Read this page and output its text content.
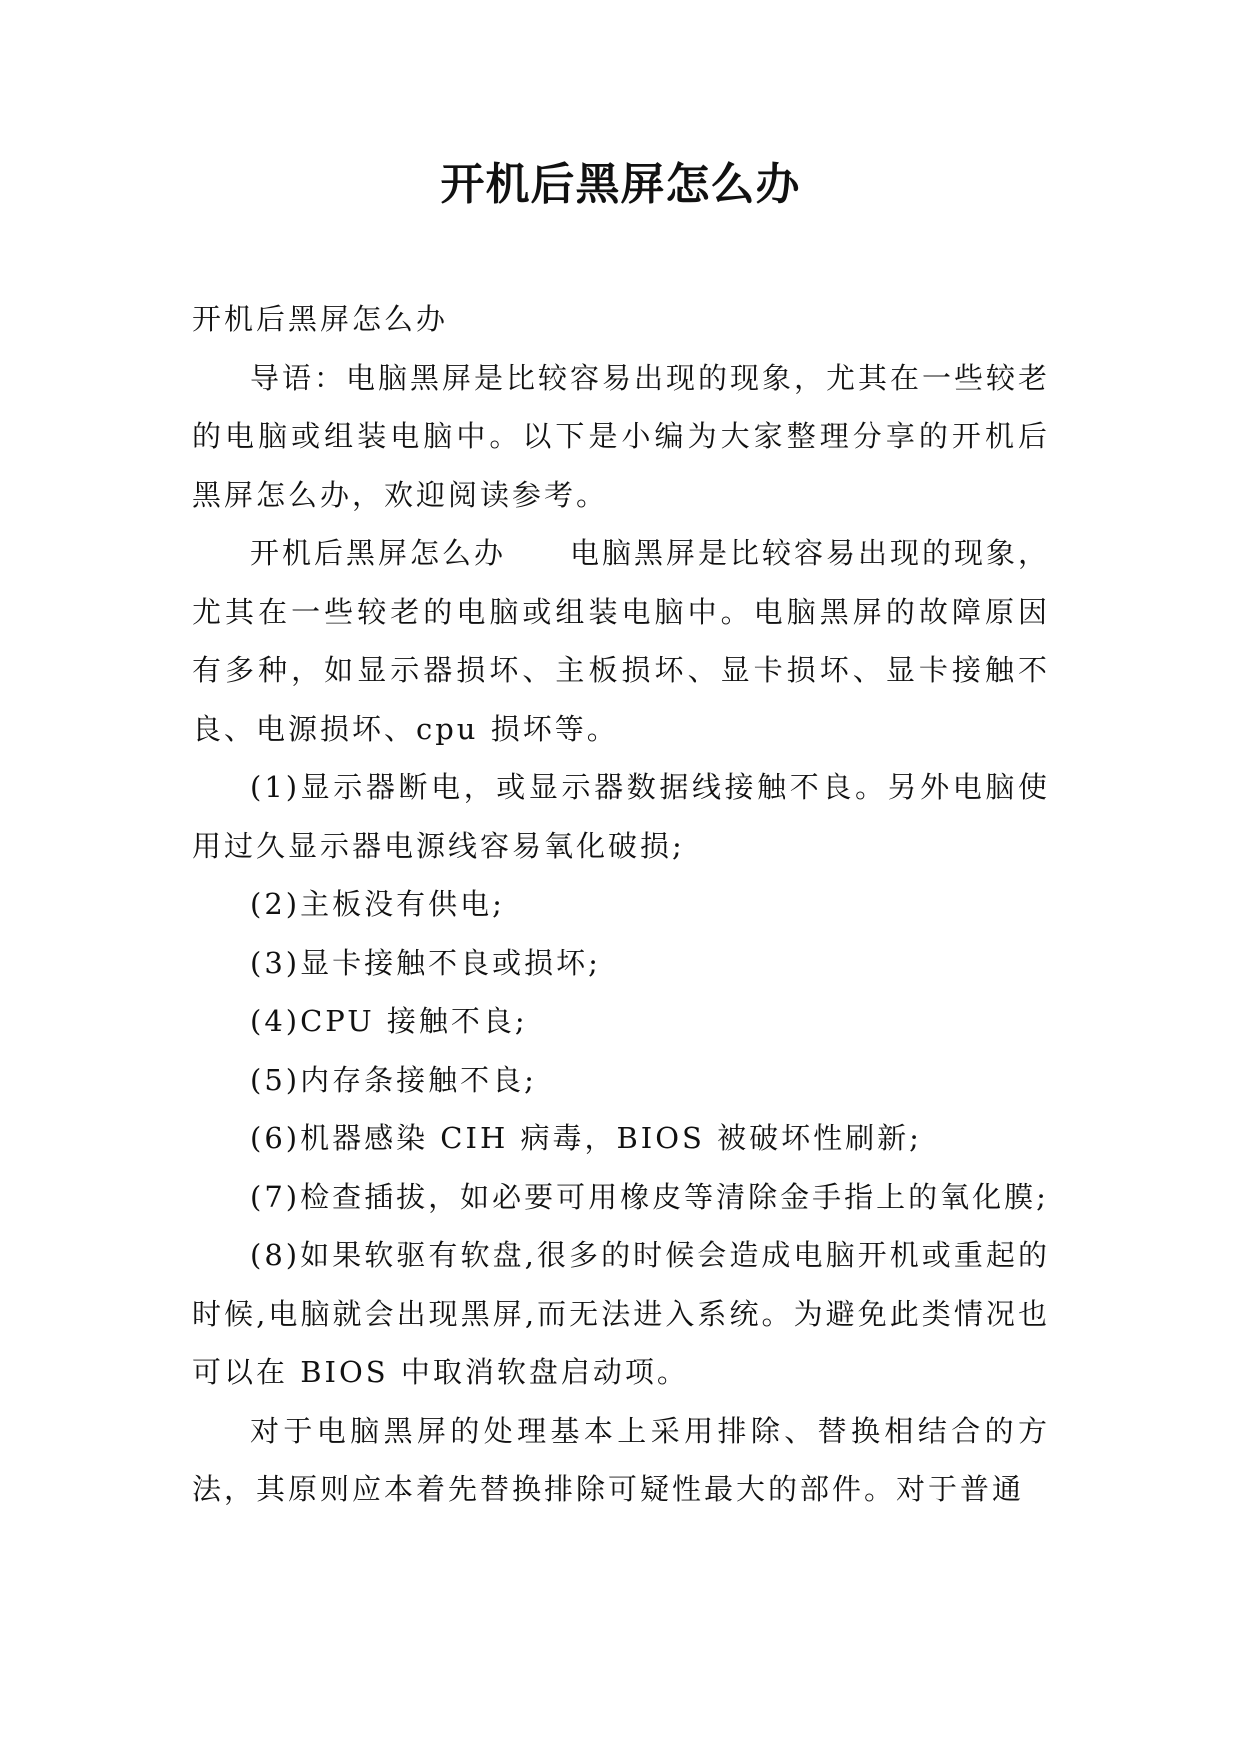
开机后黑屏怎么办

开机后黑屏怎么办

导语：电脑黑屏是比较容易出现的现象，尤其在一些较老的电脑或组装电脑中。以下是小编为大家整理分享的开机后黑屏怎么办，欢迎阅读参考。

开机后黑屏怎么办　　电脑黑屏是比较容易出现的现象，尤其在一些较老的电脑或组装电脑中。电脑黑屏的故障原因有多种，如显示器损坏、主板损坏、显卡损坏、显卡接触不良、电源损坏、cpu 损坏等。

(1)显示器断电，或显示器数据线接触不良。另外电脑使用过久显示器电源线容易氧化破损;

(2)主板没有供电;

(3)显卡接触不良或损坏;

(4)CPU 接触不良;

(5)内存条接触不良;

(6)机器感染 CIH 病毒，BIOS 被破坏性刷新;

(7)检查插拔，如必要可用橡皮等清除金手指上的氧化膜;

(8)如果软驱有软盘,很多的时候会造成电脑开机或重起的时候,电脑就会出现黑屏,而无法进入系统。为避免此类情况也可以在 BIOS 中取消软盘启动项。

对于电脑黑屏的处理基本上采用排除、替换相结合的方法，其原则应本着先替换排除可疑性最大的部件。对于普通
